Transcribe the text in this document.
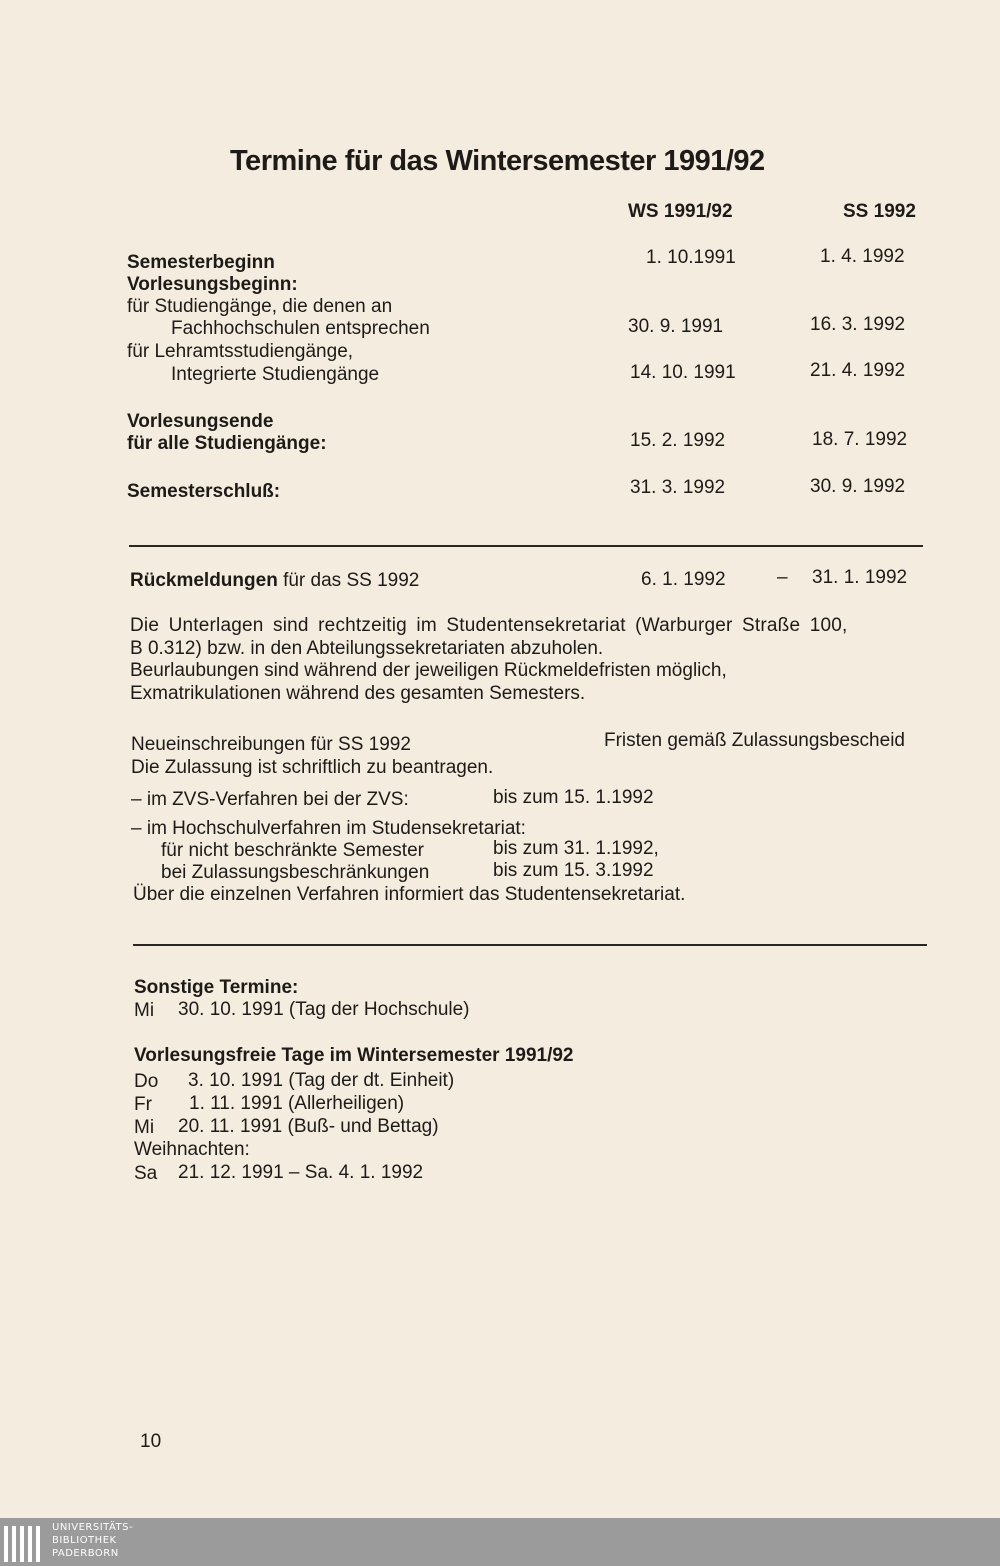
Termine für das Wintersemester 1991/92
WS 1991/92	SS 1992
Semesterbeginn	1. 10.1991	1. 4. 1992
Vorlesungsbeginn:
für Studiengänge, die denen an
Fachhochschulen entsprechen	30. 9. 1991	16. 3. 1992
für Lehramtsstudiengänge,
Integrierte Studiengänge	14. 10. 1991	21. 4. 1992
Vorlesungsende
für alle Studiengänge:	15. 2. 1992	18. 7. 1992
Semesterschluß:	31. 3. 1992	30. 9. 1992
Rückmeldungen für das SS 1992	6. 1. 1992	– 31. 1. 1992
Die Unterlagen sind rechtzeitig im Studentensekretariat (Warburger Straße 100,
B 0.312) bzw. in den Abteilungssekretariaten abzuholen.
Beurlaubungen sind während der jeweiligen Rückmeldefristen möglich,
Exmatrikulationen während des gesamten Semesters.
Neueinschreibungen für SS 1992	Fristen gemäß Zulassungsbescheid
Die Zulassung ist schriftlich zu beantragen.
– im ZVS-Verfahren bei der ZVS:	bis zum 15. 1.1992
– im Hochschulverfahren im Studensekretariat:
für nicht beschränkte Semester	bis zum 31. 1.1992,
bei Zulassungsbeschränkungen	bis zum 15. 3.1992
Über die einzelnen Verfahren informiert das Studentensekretariat.
Sonstige Termine:
Mi 30. 10. 1991 (Tag der Hochschule)
Vorlesungsfreie Tage im Wintersemester 1991/92
Do 3. 10. 1991 (Tag der dt. Einheit)
Fr 1. 11. 1991 (Allerheiligen)
Mi 20. 11. 1991 (Buß- und Bettag)
Weihnachten:
Sa 21. 12. 1991 – Sa. 4. 1. 1992
10
UNIVERSITÄTS-
BIBLIOTHEK
PADERBORN
